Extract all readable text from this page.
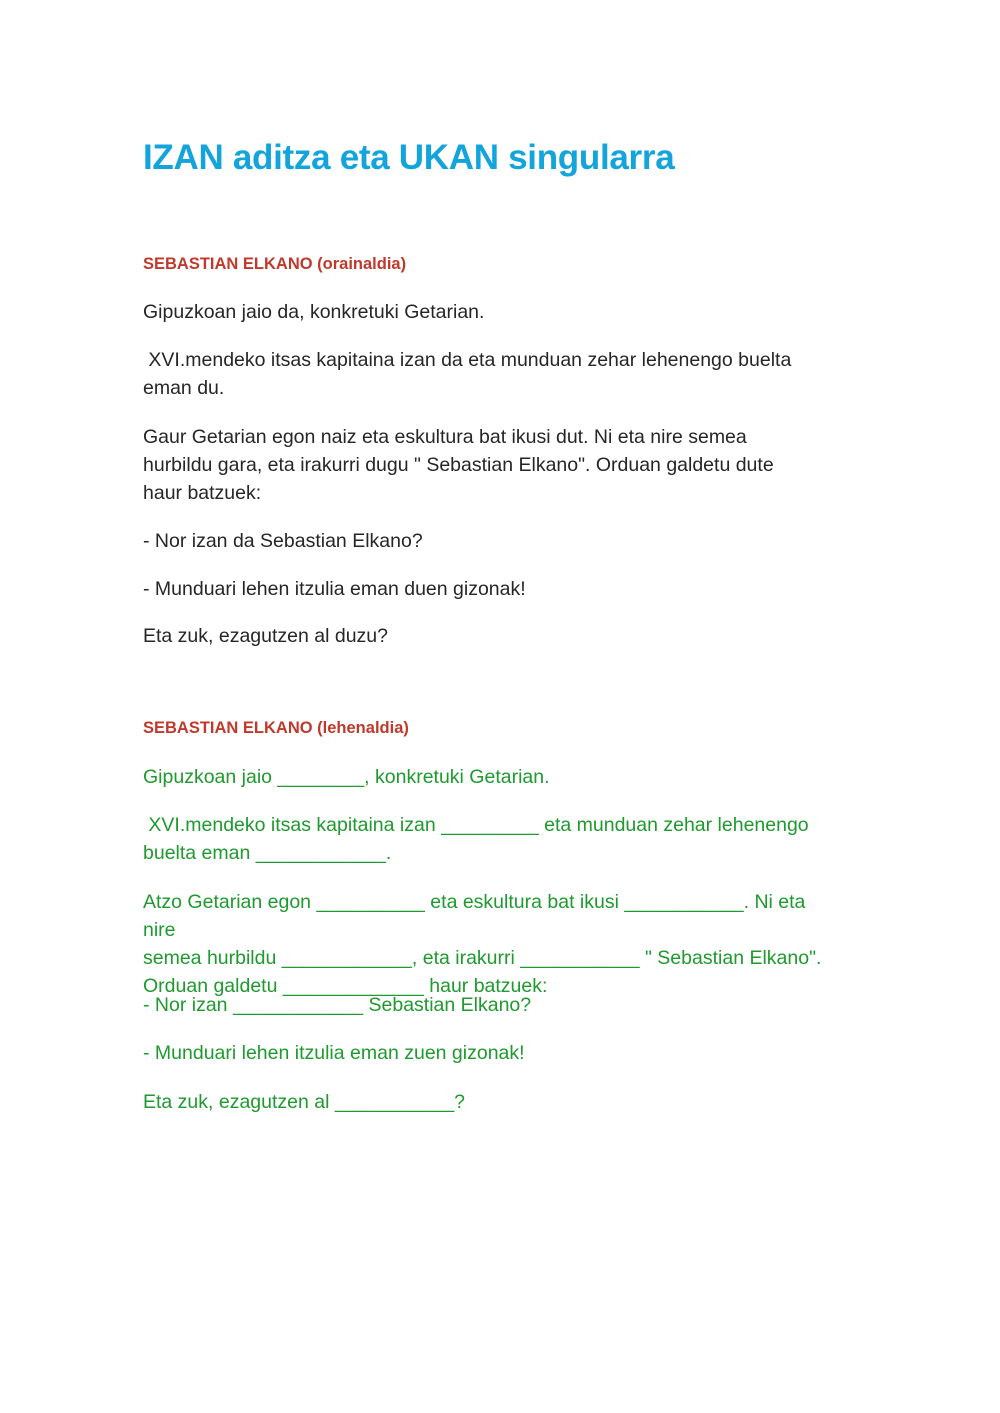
IZAN aditza eta UKAN singularra
SEBASTIAN ELKANO (orainaldia)

Gipuzkoan jaio da, konkretuki Getarian.

XVI.mendeko itsas kapitaina izan da eta munduan zehar lehenengo buelta
eman du.

Gaur Getarian egon naiz eta eskultura bat ikusi dut. Ni eta nire semea
hurbildu gara, eta irakurri dugu " Sebastian Elkano". Orduan galdetu dute
haur batzuek:

- Nor izan da Sebastian Elkano?

- Munduari lehen itzulia eman duen gizonak!

Eta zuk, ezagutzen al duzu?

SEBASTIAN ELKANO (lehenaldia)

Gipuzkoan jaio ________, konkretuki Getarian.

XVI.mendeko itsas kapitaina izan _________ eta munduan zehar lehenengo
buelta eman ____________.

Atzo Getarian egon __________ eta eskultura bat ikusi ___________. Ni eta nire
semea hurbildu ____________, eta irakurri ___________ " Sebastian Elkano".
Orduan galdetu _____________ haur batzuek:

- Nor izan ____________ Sebastian Elkano?

- Munduari lehen itzulia eman zuen gizonak!

Eta zuk, ezagutzen al ___________?
